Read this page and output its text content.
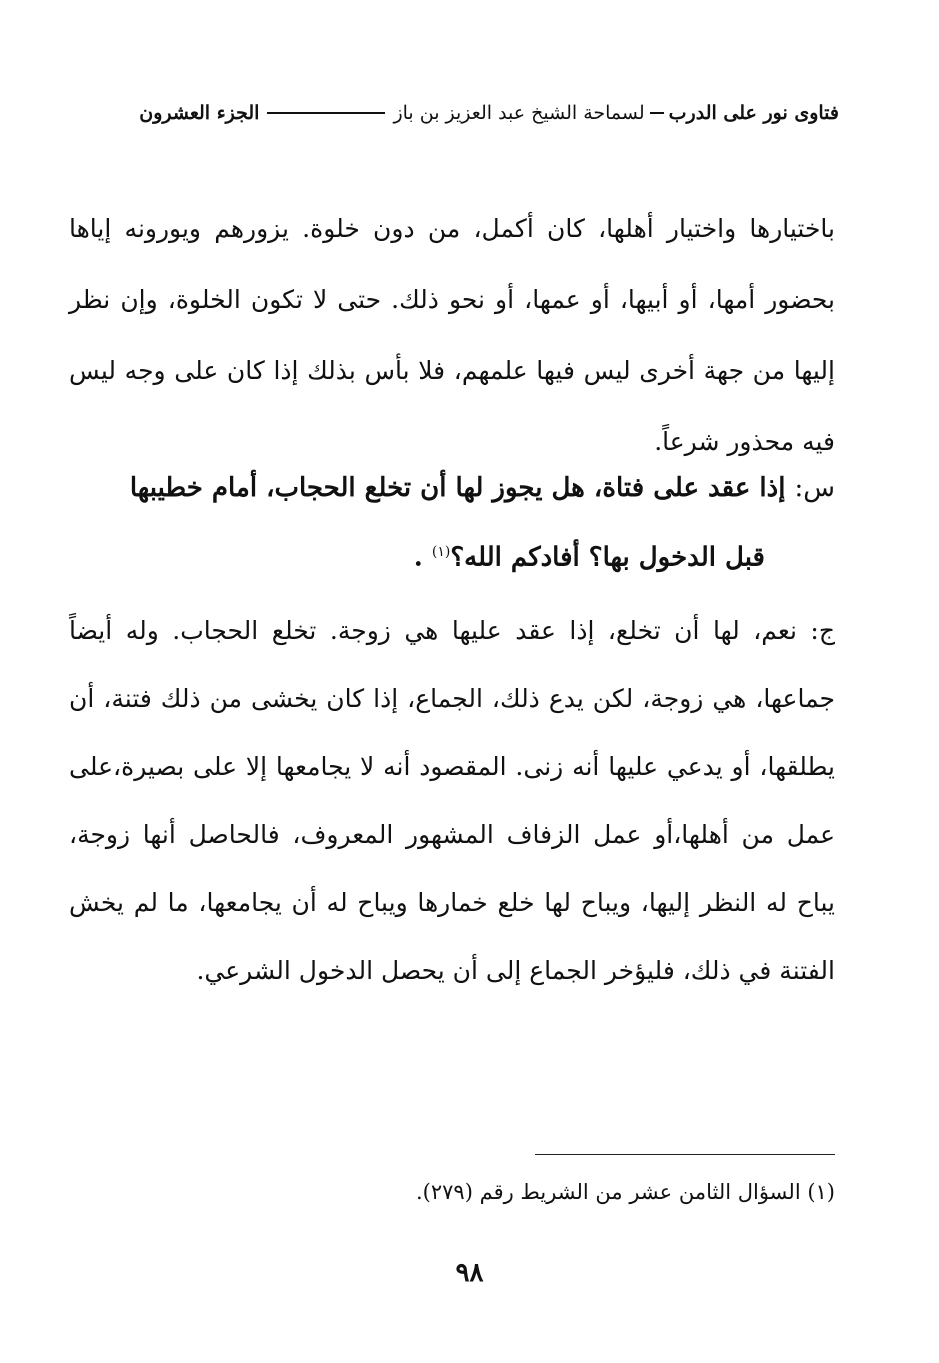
فتاوى نور على الدرب
لسماحة الشيخ عبد العزيز بن باز
الجزء العشرون

باختيارها واختيار أهلها، كان أكمل، من دون خلوة. يزورهم ويورونه إياها بحضور أمها، أو أبيها، أو عمها، أو نحو ذلك. حتى لا تكون الخلوة، وإن نظر إليها من جهة أخرى ليس فيها علمهم، فلا بأس بذلك إذا كان على وجه ليس فيه محذور شرعاً.

س: إذا عقد على فتاة، هل يجوز لها أن تخلع الحجاب، أمام خطيبها
قبل الدخول بها؟ أفادكم الله؟$^{(١)}$ .

ج: نعم، لها أن تخلع، إذا عقد عليها هي زوجة. تخلع الحجاب. وله أيضاً جماعها، هي زوجة، لكن يدع ذلك، الجماع، إذا كان يخشى من ذلك فتنة، أن يطلقها، أو يدعي عليها أنه زنى. المقصود أنه لا يجامعها إلا على بصيرة،على عمل من أهلها،أو عمل الزفاف المشهور المعروف، فالحاصل أنها زوجة، يباح له النظر إليها، ويباح لها خلع خمارها ويباح له أن يجامعها، ما لم يخش الفتنة في ذلك، فليؤخر الجماع إلى أن يحصل الدخول الشرعي.

(١) السؤال الثامن عشر من الشريط رقم (٢٧٩).
٩٨
